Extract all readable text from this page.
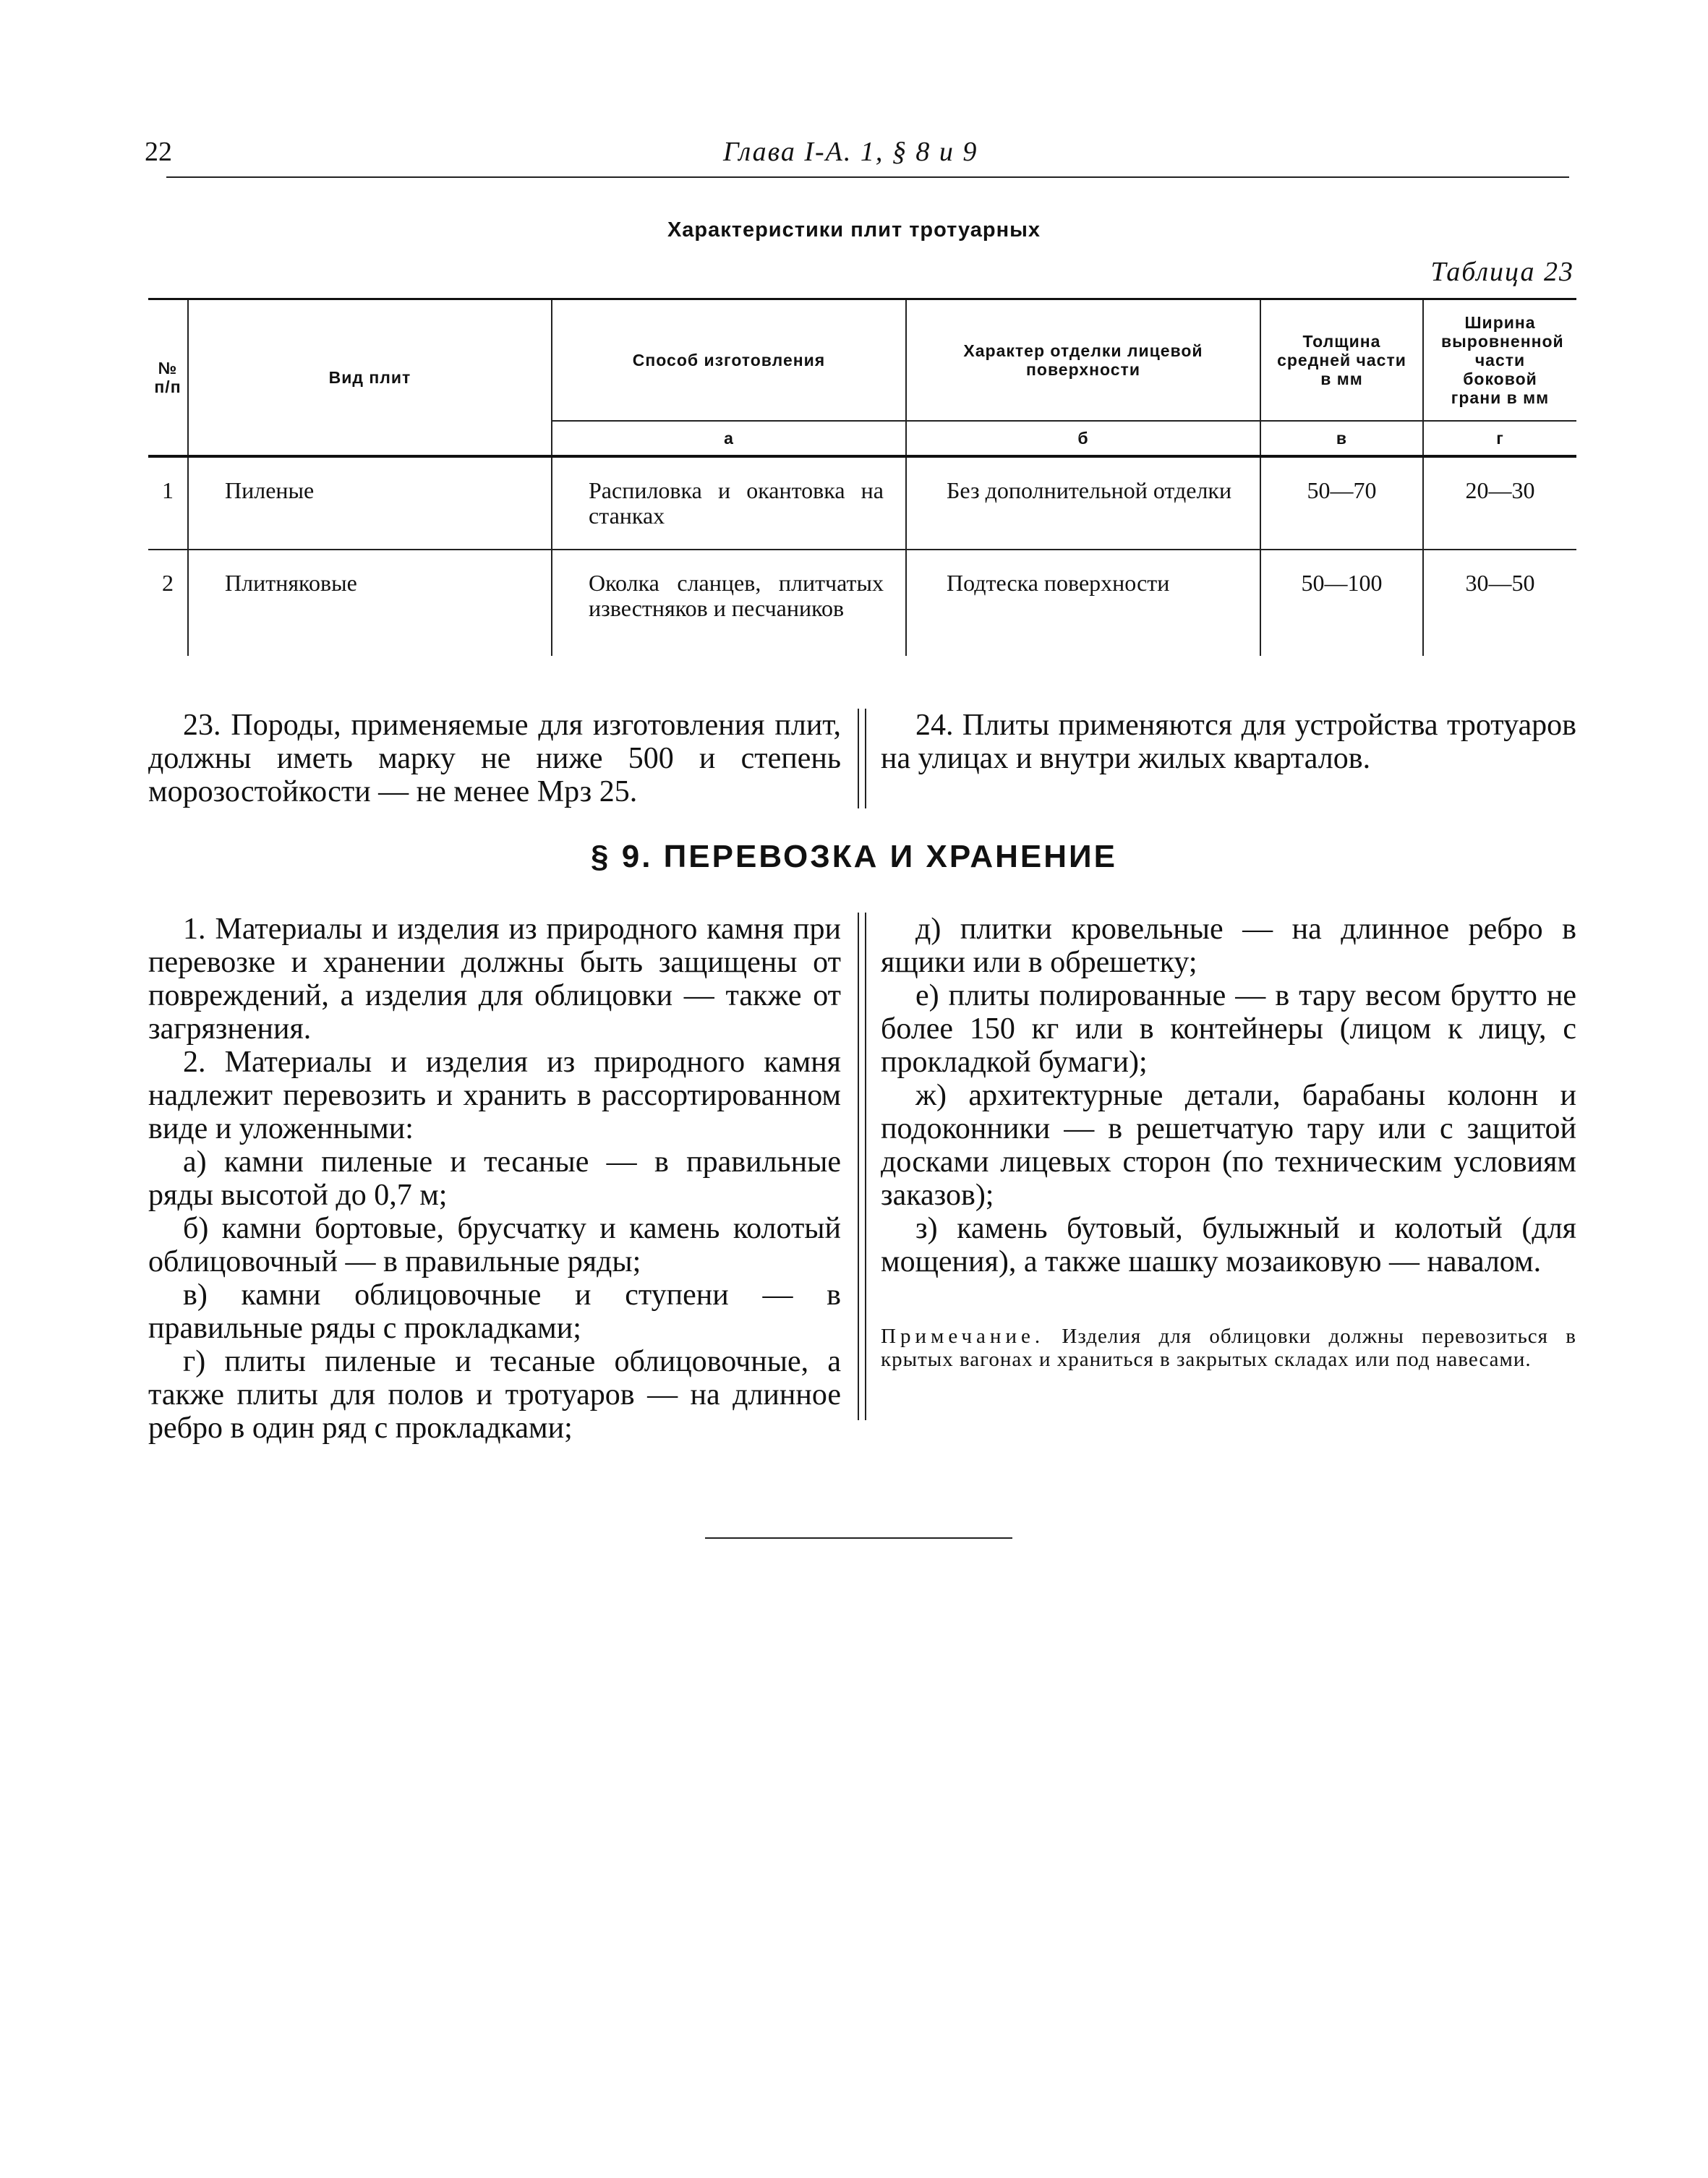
22	Глава I-А. 1, § 8 и 9
Характеристики плит тротуарных
Таблица 23
№ п/п	Вид плит	Способ изготовления	Характер отделки лицевой поверхности	Толщина средней части в мм	Ширина выровненной части боковой грани в мм
		а	б	в	г
1	Пиленые	Распиловка и окантовка на станках	Без дополнительной отделки	50—70	20—30
2	Плитняковые	Околка сланцев, плитчатых известняков и песчаников	Подтеска поверхности	50—100	30—50

23. Породы, применяемые для изготовления плит, должны иметь марку не ниже 500 и степень морозостойкости — не менее Мрз 25.

24. Плиты применяются для устройства тротуаров на улицах и внутри жилых кварталов.

§ 9. ПЕРЕВОЗКА И ХРАНЕНИЕ

1. Материалы и изделия из природного камня при перевозке и хранении должны быть защищены от повреждений, а изделия для облицовки — также от загрязнения.

2. Материалы и изделия из природного камня надлежит перевозить и хранить в рассортированном виде и уложенными:

а) камни пиленые и тесаные — в правильные ряды высотой до 0,7 м;

б) камни бортовые, брусчатку и камень колотый облицовочный — в правильные ряды;

в) камни облицовочные и ступени — в правильные ряды с прокладками;

г) плиты пиленые и тесаные облицовочные, а также плиты для полов и тротуаров — на длинное ребро в один ряд с прокладками;

д) плитки кровельные — на длинное ребро в ящики или в обрешетку;

е) плиты полированные — в тару весом брутто не более 150 кг или в контейнеры (лицом к лицу, с прокладкой бумаги);

ж) архитектурные детали, барабаны колонн и подоконники — в решетчатую тару или с защитой досками лицевых сторон (по техническим условиям заказов);

з) камень бутовый, булыжный и колотый (для мощения), а также шашку мозаиковую — навалом.

Примечание. Изделия для облицовки должны перевозиться в крытых вагонах и храниться в закрытых складах или под навесами.
